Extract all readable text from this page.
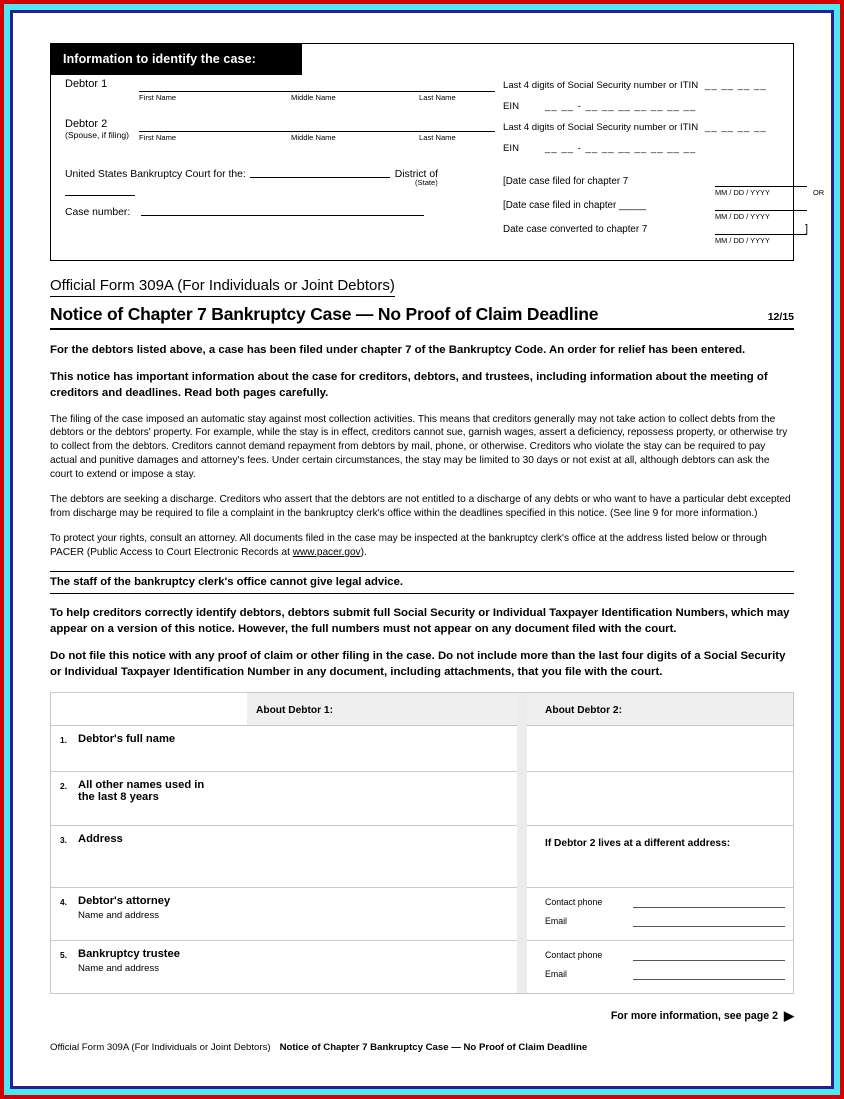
Information to identify the case:
Debtor 1
First Name	Middle Name	Last Name
Debtor 2
(Spouse, if filing) First Name	Middle Name	Last Name
United States Bankruptcy Court for the:	District of
(State)
Case number:
Last 4 digits of Social Security number or ITIN __ __ __ __
EIN	__ __ - __ __ __ __ __ __ __
Last 4 digits of Social Security number or ITIN __ __ __ __
EIN	__ __ - __ __ __ __ __ __ __
[Date case filed for chapter 7
MM / DD / YYYY	OR
[Date case filed in chapter _____
MM / DD / YYYY
Date case converted to chapter 7	]
MM / DD / YYYY
Official Form 309A (For Individuals or Joint Debtors)
Notice of Chapter 7 Bankruptcy Case — No Proof of Claim Deadline	12/15

For the debtors listed above, a case has been filed under chapter 7 of the Bankruptcy Code. An order for relief has been entered.

This notice has important information about the case for creditors, debtors, and trustees, including information about the meeting of creditors and deadlines. Read both pages carefully.

The filing of the case imposed an automatic stay against most collection activities. This means that creditors generally may not take action to collect debts from the debtors or the debtors' property. For example, while the stay is in effect, creditors cannot sue, garnish wages, assert a deficiency, repossess property, or otherwise try to collect from the debtors. Creditors cannot demand repayment from debtors by mail, phone, or otherwise. Creditors who violate the stay can be required to pay actual and punitive damages and attorney's fees. Under certain circumstances, the stay may be limited to 30 days or not exist at all, although debtors can ask the court to extend or impose a stay.

The debtors are seeking a discharge. Creditors who assert that the debtors are not entitled to a discharge of any debts or who want to have a particular debt excepted from discharge may be required to file a complaint in the bankruptcy clerk's office within the deadlines specified in this notice. (See line 9 for more information.)

To protect your rights, consult an attorney. All documents filed in the case may be inspected at the bankruptcy clerk's office at the address listed below or through PACER (Public Access to Court Electronic Records at www.pacer.gov).

The staff of the bankruptcy clerk's office cannot give legal advice.

To help creditors correctly identify debtors, debtors submit full Social Security or Individual Taxpayer Identification Numbers, which may appear on a version of this notice. However, the full numbers must not appear on any document filed with the court.

Do not file this notice with any proof of claim or other filing in the case. Do not include more than the last four digits of a Social Security or Individual Taxpayer Identification Number in any document, including attachments, that you file with the court.

About Debtor 1:	About Debtor 2:
1. Debtor's full name
2. All other names used in
the last 8 years
3. Address	If Debtor 2 lives at a different address:
4. Debtor's attorney
Name and address
Contact phone
Email
5. Bankruptcy trustee
Name and address
Contact phone
Email
For more information, see page 2 ▶
Official Form 309A (For Individuals or Joint Debtors) Notice of Chapter 7 Bankruptcy Case — No Proof of Claim Deadline
